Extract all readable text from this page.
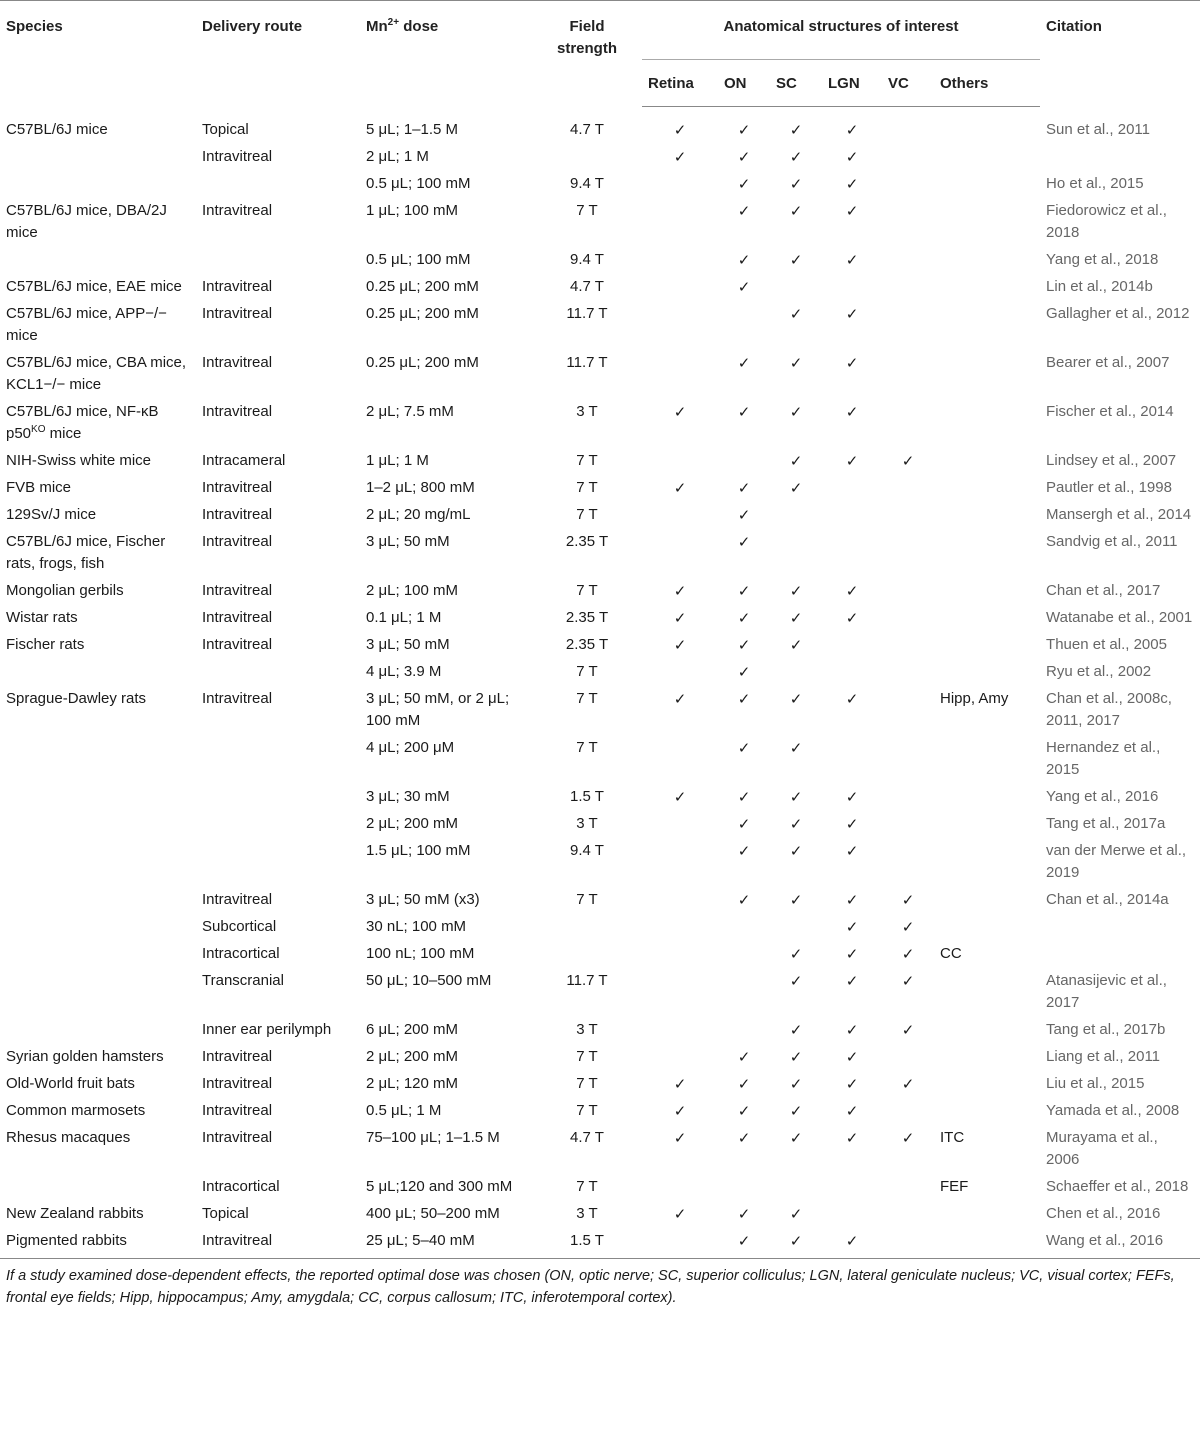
Species	Delivery route	$Mn^{2+}$ dose	Field strength	Anatomical structures of interest						Citation
				Retina	ON	SC	LGN	VC	Others	
C57BL/6J mice	Topical	5 μL; 1–1.5 M	4.7 T	✓	✓	✓	✓			Sun et al., 2011
	Intravitreal	2 μL; 1 M		✓	✓	✓	✓			
		0.5 μL; 100 mM	9.4 T		✓	✓	✓			Ho et al., 2015
C57BL/6J mice, DBA/2J mice	Intravitreal	1 μL; 100 mM	7 T		✓	✓	✓			Fiedorowicz et al., 2018
		0.5 μL; 100 mM	9.4 T		✓	✓	✓			Yang et al., 2018
C57BL/6J mice, EAE mice	Intravitreal	0.25 μL; 200 mM	4.7 T		✓					Lin et al., 2014b
C57BL/6J mice, APP−/− mice	Intravitreal	0.25 μL; 200 mM	11.7 T			✓	✓			Gallagher et al., 2012
C57BL/6J mice, CBA mice, KCL1−/− mice	Intravitreal	0.25 μL; 200 mM	11.7 T		✓	✓	✓			Bearer et al., 2007
C57BL/6J mice, NF-κB $p50^{KO}$ mice	Intravitreal	2 μL; 7.5 mM	3 T	✓	✓	✓	✓			Fischer et al., 2014
NIH-Swiss white mice	Intracameral	1 μL; 1 M	7 T			✓	✓	✓		Lindsey et al., 2007
FVB mice	Intravitreal	1–2 μL; 800 mM	7 T	✓	✓	✓				Pautler et al., 1998
129Sv/J mice	Intravitreal	2 μL; 20 mg/mL	7 T		✓					Mansergh et al., 2014
C57BL/6J mice, Fischer rats, frogs, fish	Intravitreal	3 μL; 50 mM	2.35 T		✓					Sandvig et al., 2011
Mongolian gerbils	Intravitreal	2 μL; 100 mM	7 T	✓	✓	✓	✓			Chan et al., 2017
Wistar rats	Intravitreal	0.1 μL; 1 M	2.35 T	✓	✓	✓	✓			Watanabe et al., 2001
Fischer rats	Intravitreal	3 μL; 50 mM	2.35 T	✓	✓	✓				Thuen et al., 2005
		4 μL; 3.9 M	7 T		✓					Ryu et al., 2002
Sprague-Dawley rats	Intravitreal	3 μL; 50 mM, or 2 μL; 100 mM	7 T	✓	✓	✓	✓		Hipp, Amy	Chan et al., 2008c, 2011, 2017
		4 μL; 200 μM	7 T		✓	✓				Hernandez et al., 2015
		3 μL; 30 mM	1.5 T	✓	✓	✓	✓			Yang et al., 2016
		2 μL; 200 mM	3 T		✓	✓	✓			Tang et al., 2017a
		1.5 μL; 100 mM	9.4 T		✓	✓	✓			van der Merwe et al., 2019
	Intravitreal	3 μL; 50 mM (x3)	7 T		✓	✓	✓	✓		Chan et al., 2014a
	Subcortical	30 nL; 100 mM					✓	✓		
	Intracortical	100 nL; 100 mM				✓	✓	✓	CC	
	Transcranial	50 μL; 10–500 mM	11.7 T			✓	✓	✓		Atanasijevic et al., 2017
	Inner ear perilymph	6 μL; 200 mM	3 T			✓	✓	✓		Tang et al., 2017b
Syrian golden hamsters	Intravitreal	2 μL; 200 mM	7 T		✓	✓	✓			Liang et al., 2011
Old-World fruit bats	Intravitreal	2 μL; 120 mM	7 T	✓	✓	✓	✓	✓		Liu et al., 2015
Common marmosets	Intravitreal	0.5 μL; 1 M	7 T	✓	✓	✓	✓			Yamada et al., 2008
Rhesus macaques	Intravitreal	75–100 μL; 1–1.5 M	4.7 T	✓	✓	✓	✓	✓	ITC	Murayama et al., 2006
	Intracortical	5 μL;120 and 300 mM	7 T						FEF	Schaeffer et al., 2018
New Zealand rabbits	Topical	400 μL; 50–200 mM	3 T	✓	✓	✓				Chen et al., 2016
Pigmented rabbits	Intravitreal	25 μL; 5–40 mM	1.5 T		✓	✓	✓			Wang et al., 2016
If a study examined dose-dependent effects, the reported optimal dose was chosen (ON, optic nerve; SC, superior colliculus; LGN, lateral geniculate nucleus; VC, visual cortex; FEFs, frontal eye fields; Hipp, hippocampus; Amy, amygdala; CC, corpus callosum; ITC, inferotemporal cortex).
